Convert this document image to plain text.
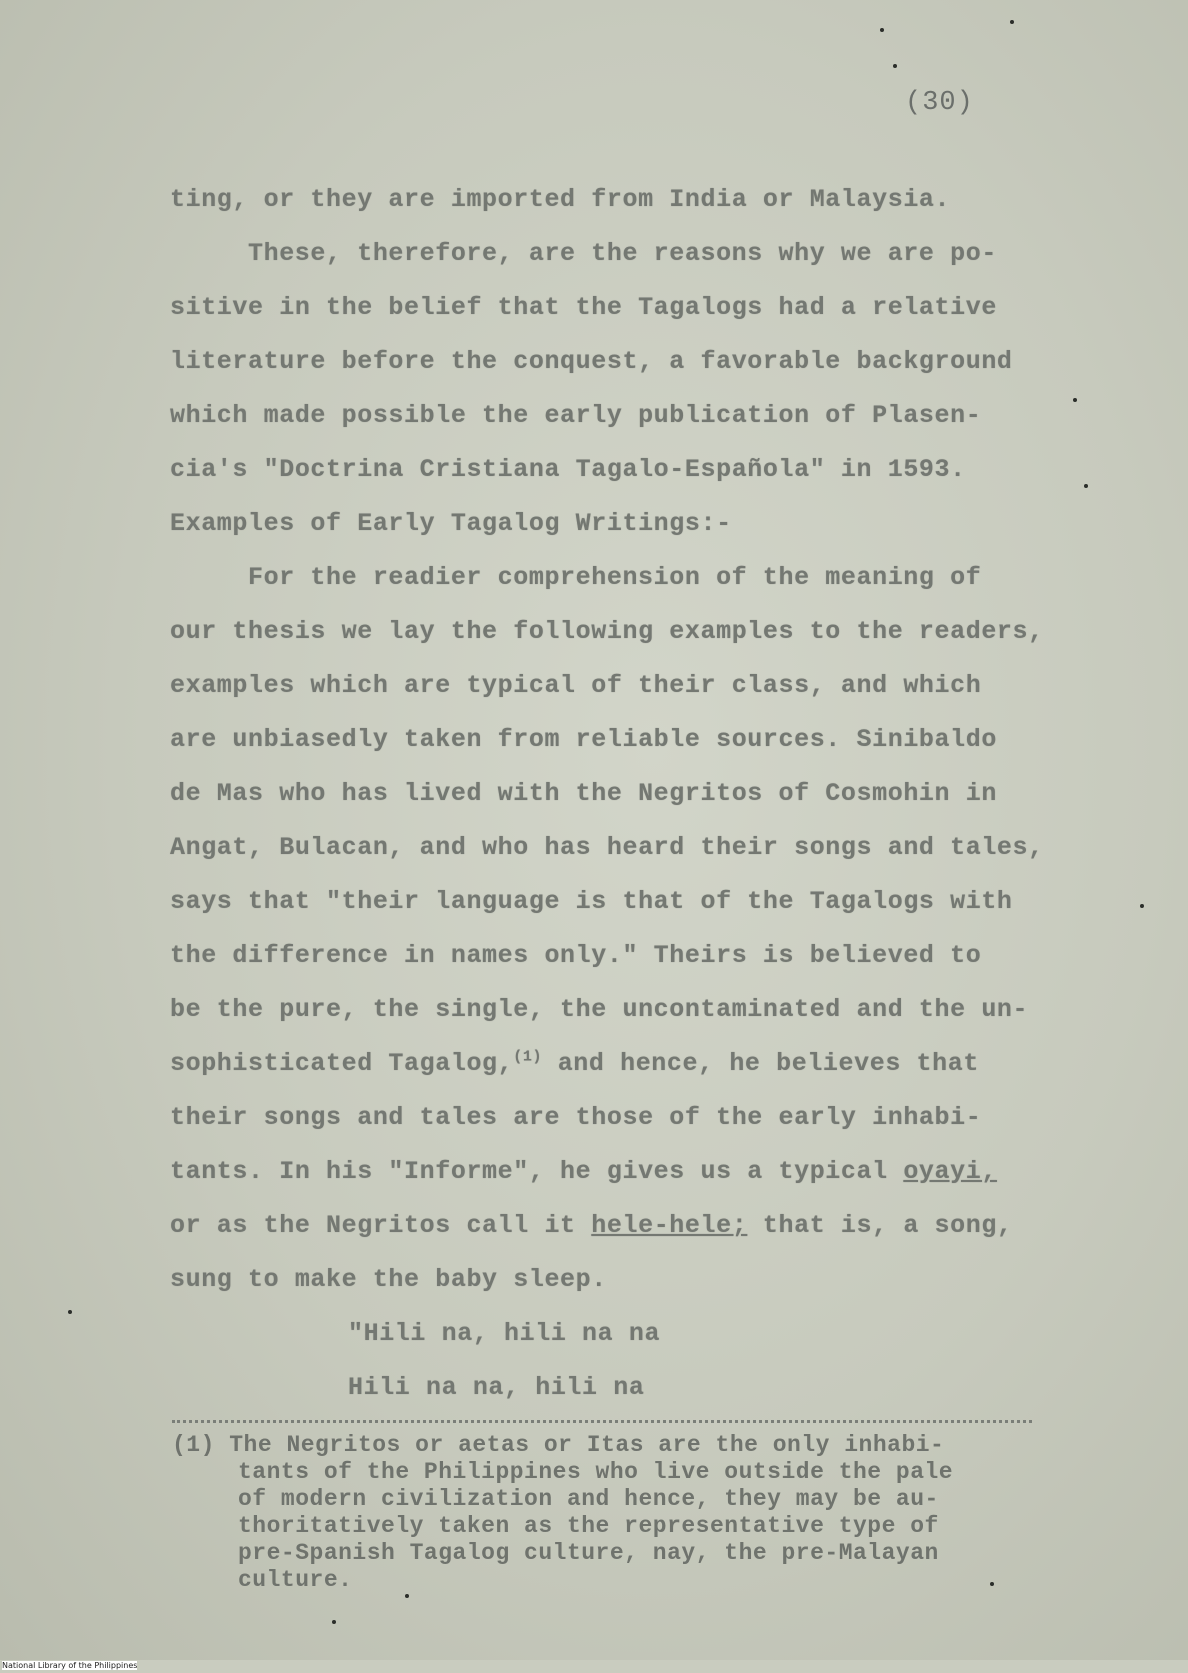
(30)
ting, or they are imported from India or Malaysia.
These, therefore, are the reasons why we are po-
sitive in the belief that the Tagalogs had a relative
literature before the conquest, a favorable background
which made possible the early publication of Plasen-
cia's "Doctrina Cristiana Tagalo-Española" in 1593.
Examples of Early Tagalog Writings:-
For the readier comprehension of the meaning of
our thesis we lay the following examples to the readers,
examples which are typical of their class, and which
are unbiasedly taken from reliable sources. Sinibaldo
de Mas who has lived with the Negritos of Cosmohin in
Angat, Bulacan, and who has heard their songs and tales,
says that "their language is that of the Tagalogs with
the difference in names only." Theirs is believed to
be the pure, the single, the uncontaminated and the un-
sophisticated Tagalog,$^{(1)}$ and hence, he believes that
their songs and tales are those of the early inhabi-
tants. In his "Informe", he gives us a typical oyayi,
or as the Negritos call it hele-hele; that is, a song,
sung to make the baby sleep.
"Hili na, hili na na
Hili na na, hili na
(1) The Negritos or aetas or Itas are the only inhabi-
tants of the Philippines who live outside the pale
of modern civilization and hence, they may be au-
thoritatively taken as the representative type of
pre-Spanish Tagalog culture, nay, the pre-Malayan
culture.
National Library of the Philippines
